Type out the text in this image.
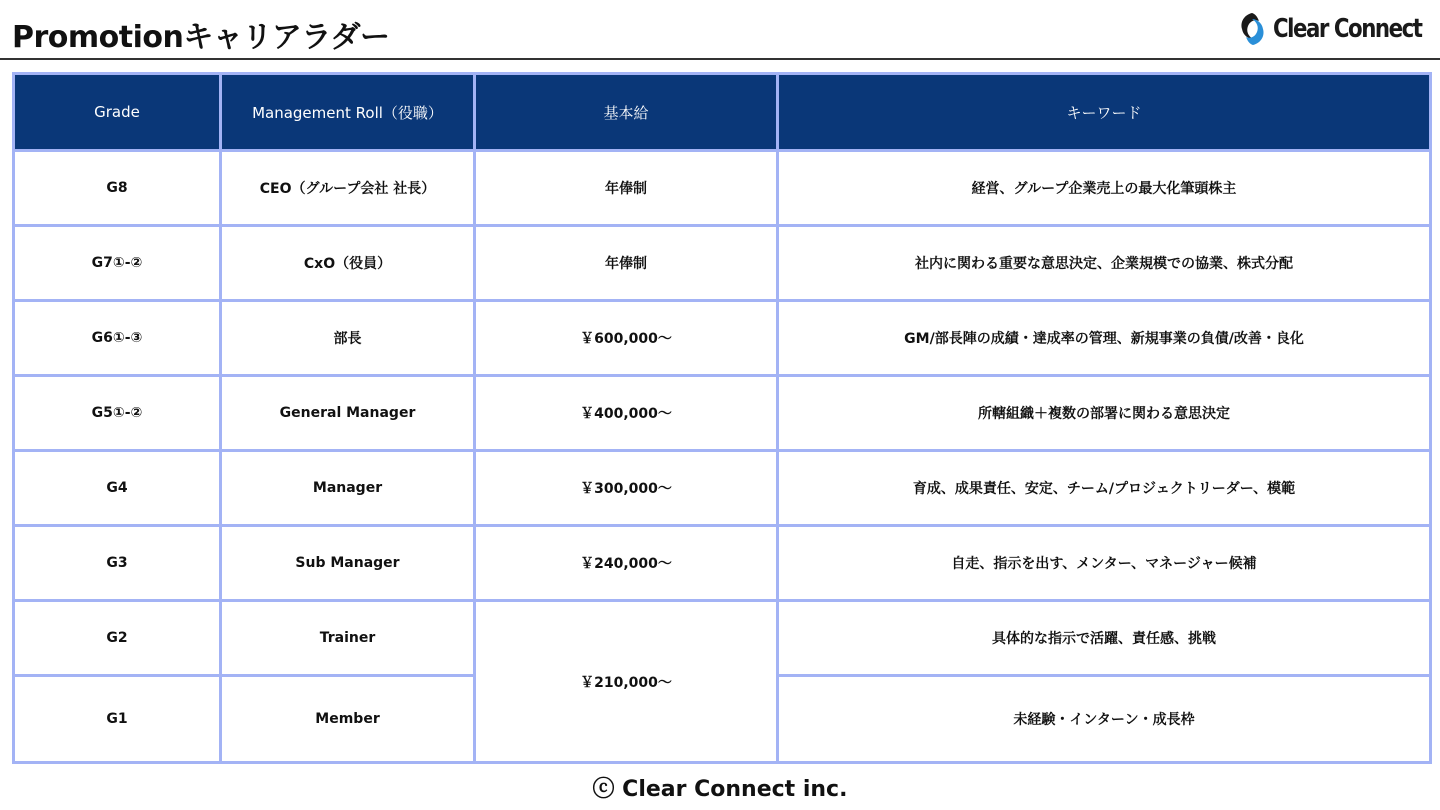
Promotionキャリアラダー	Clear Connect
Grade	Management Roll（役職）	基本給	キーワード
G8	CEO（グループ会社 社長）	年俸制	経営、グループ企業売上の最大化筆頭株主
G7①-②	CxO（役員）	年俸制	社内に関わる重要な意思決定、企業規模での協業、株式分配
G6①-③	部長	￥600,000〜	GM/部長陣の成績・達成率の管理、新規事業の負債/改善・良化
G5①-②	General Manager	￥400,000〜	所轄組織＋複数の部署に関わる意思決定
G4	Manager	￥300,000〜	育成、成果責任、安定、チーム/プロジェクトリーダー、模範
G3	Sub Manager	￥240,000〜	自走、指示を出す、メンター、マネージャー候補
G2	Trainer	￥210,000〜	具体的な指示で活躍、責任感、挑戦
G1	Member		未経験・インターン・成長枠
ⓒ Clear Connect inc.
